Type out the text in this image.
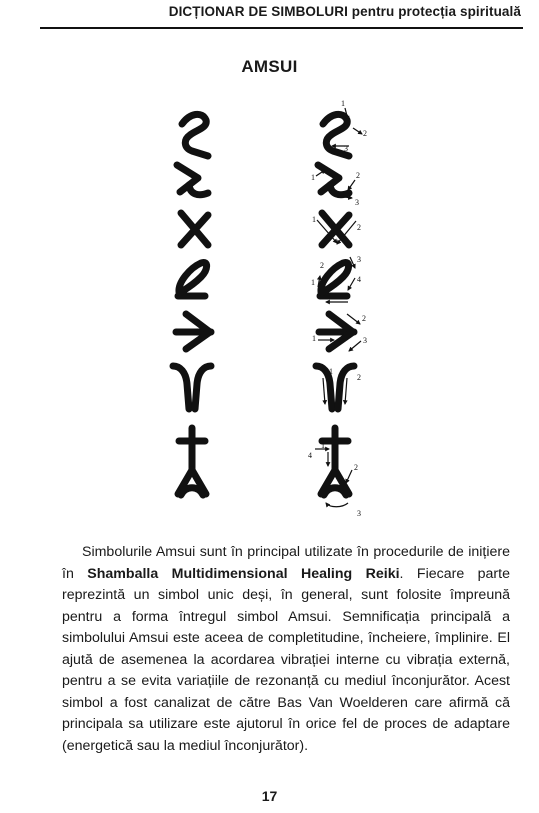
DICȚIONAR DE SIMBOLURI pentru protecția spirituală
AMSUI
1
2
3
1	2
3
1
2
1
2
3
4
1
2
3
1
2
1
4
2
3

Simbolurile Amsui sunt în principal utilizate în procedurile de inițiere în Shamballa Multidimensional Healing Reiki. Fiecare parte reprezintă un simbol unic deși, în general, sunt folosite împreună pentru a forma întregul simbol Amsui. Semnificația principală a simbolului Amsui este aceea de completitudine, încheiere, împlinire. El ajută de asemenea la acordarea vibrației interne cu vibrația externă, pentru a se evita variațiile de rezonanță cu mediul înconjurător. Acest simbol a fost canalizat de către Bas Van Woelderen care afirmă că principala sa utilizare este ajutorul în orice fel de proces de adaptare (energetică sau la mediul înconjurător).

17
